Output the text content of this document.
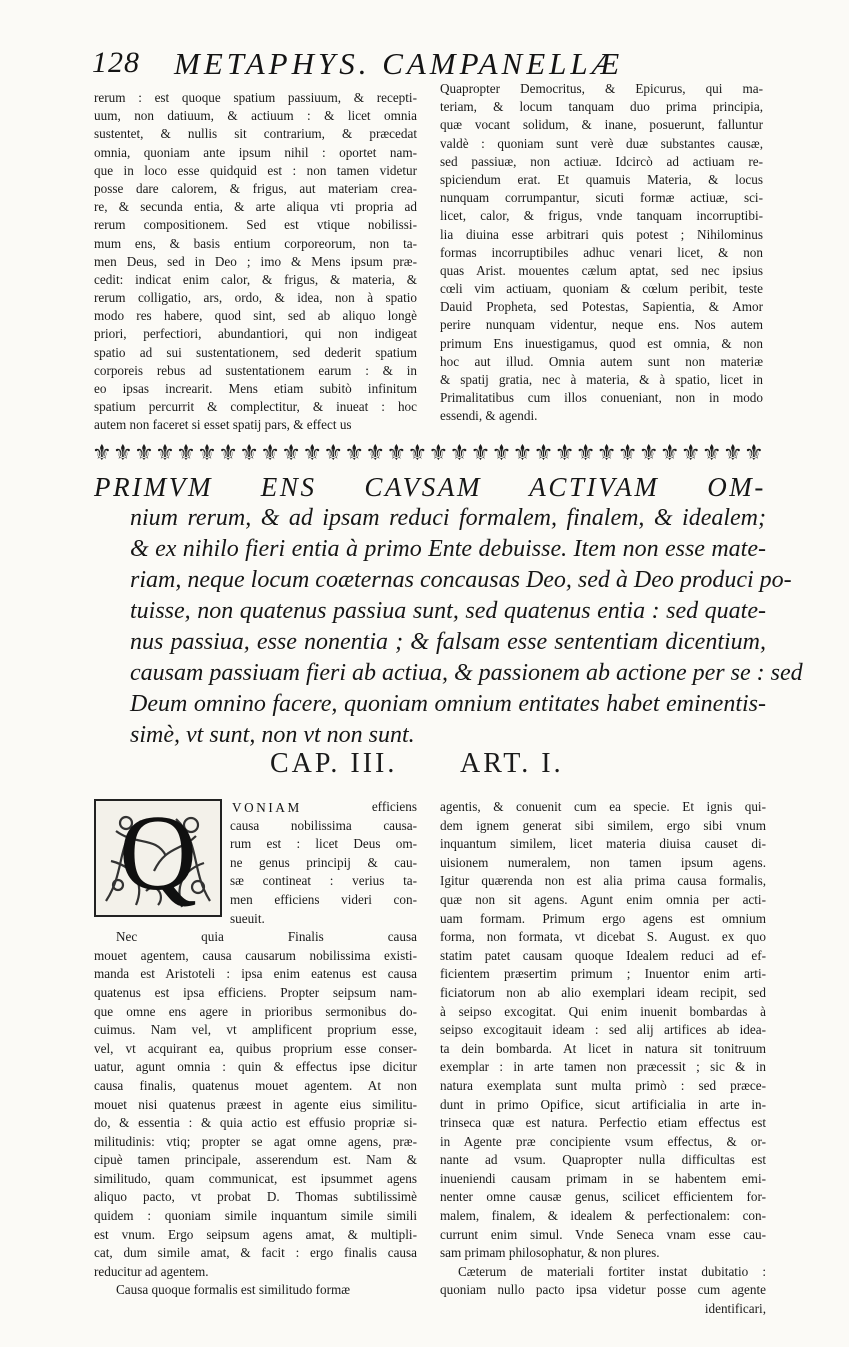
128 METAPHYS. CAMPANELLÆ
rerum : est quoque spatium passiuum, & recepti-
uum, non datiuum, & actiuum : & licet omnia
sustentet, & nullis sit contrarium, & præcedat
omnia, quoniam ante ipsum nihil : oportet nam-
que in loco esse quidquid est : non tamen videtur
posse dare calorem, & frigus, aut materiam crea-
re, & secunda entia, & arte aliqua vti propria ad
rerum compositionem. Sed est vtique nobilissi-
mum ens, & basis entium corporeorum, non ta-
men Deus, sed in Deo ; imo & Mens ipsum præ-
cedit: indicat enim calor, & frigus, & materia, &
rerum colligatio, ars, ordo, & idea, non à spatio
modo res habere, quod sint, sed ab aliquo longè
priori, perfectiori, abundantiori, qui non indigeat
spatio ad sui sustentationem, sed dederit spatium
corporeis rebus ad sustentationem earum : & in
eo ipsas increarit. Mens etiam subitò infinitum
spatium percurrit & complectitur, & inueat : hoc
autem non faceret si esset spatij pars, & effect us
Quapropter Democritus, & Epicurus, qui ma-
teriam, & locum tanquam duo prima principia,
quæ vocant solidum, & inane, posuerunt, falluntur
valdè : quoniam sunt verè duæ substantes causæ,
sed passiuæ, non actiuæ. Idcircò ad actiuam re-
spiciendum erat. Et quamuis Materia, & locus
nunquam corrumpantur, sicuti formæ actiuæ, sci-
licet, calor, & frigus, vnde tanquam incorruptibi-
lia diuina esse arbitrari quis potest ; Nihilominus
formas incorruptibiles adhuc venari licet, & non
quas Arist. mouentes cælum aptat, sed nec ipsius
cœli vim actiuam, quoniam & cœlum peribit, teste
Dauid Propheta, sed Potestas, Sapientia, & Amor
perire nunquam videntur, neque ens. Nos autem
primum Ens inuestigamus, quod est omnia, & non
hoc aut illud. Omnia autem sunt non materiæ
& spatij gratia, nec à materia, & à spatio, licet in
Primalitatibus cum illos conueniant, non in modo
essendi, & agendi.
⚜ ⚜ ⚜ ⚜ ⚜ ⚜ ⚜ ⚜ ⚜ ⚜ ⚜ ⚜ ⚜ ⚜ ⚜ ⚜ ⚜ ⚜ ⚜ ⚜ ⚜ ⚜ ⚜ ⚜ ⚜ ⚜ ⚜ ⚜ ⚜ ⚜ ⚜ ⚜
PRIMVM ENS CAVSAM ACTIVAM OM-
nium rerum, & ad ipsam reduci formalem, finalem, & idealem;
& ex nihilo fieri entia à primo Ente debuisse. Item non esse mate-
riam, neque locum coæternas concausas Deo, sed à Deo produci po-
tuisse, non quatenus passiua sunt, sed quatenus entia : sed quate-
nus passiua, esse nonentia ; & falsam esse sententiam dicentium,
causam passiuam fieri ab actiua, & passionem ab actione per se : sed
Deum omnino facere, quoniam omnium entitates habet eminentis-
simè, vt sunt, non vt non sunt.
CAP. III. ART. I.
Q	VONIAM	efficiens
causa nobilissima causa-
rum est : licet Deus om-
ne genus principij & cau-
sæ contineat : verius ta-
men efficiens videri con-
sueuit.
Nec quia Finalis causa
mouet agentem, causa causarum nobilissima existi-
manda est Aristoteli : ipsa enim eatenus est causa
quatenus est ipsa efficiens. Propter seipsum nam-
que omne ens agere in prioribus sermonibus do-
cuimus. Nam vel, vt amplificent proprium esse,
vel, vt acquirant ea, quibus proprium esse conser-
uatur, agunt omnia : quin & effectus ipse dicitur
causa finalis, quatenus mouet agentem. At non
mouet nisi quatenus præest in agente eius similitu-
do, & essentia : & quia actio est effusio propriæ si-
militudinis: vtiq; propter se agat omne agens, præ-
cipuè tamen principale, asserendum est. Nam &
similitudo, quam communicat, est ipsummet agens
aliquo pacto, vt probat D. Thomas subtilissimè
quidem : quoniam simile inquantum simile simili
est vnum. Ergo seipsum agens amat, & multipli-
cat, dum simile amat, & facit : ergo finalis causa
reducitur ad agentem.
Causa quoque formalis est similitudo formæ
agentis, & conuenit cum ea specie. Et ignis qui-
dem ignem generat sibi similem, ergo sibi vnum
inquantum similem, licet materia diuisa causet di-
uisionem numeralem, non tamen ipsum agens.
Igitur quærenda non est alia prima causa formalis,
quæ non sit agens. Agunt enim omnia per acti-
uam formam. Primum ergo agens est omnium
forma, non formata, vt dicebat S. August. ex quo
statim patet causam quoque Idealem reduci ad ef-
ficientem præsertim primum ; Inuentor enim arti-
ficiatorum non ab alio exemplari ideam recipit, sed
à seipso excogitat. Qui enim inuenit bombardas à
seipso excogitauit ideam : sed alij artifices ab idea-
ta dein bombarda. At licet in natura sit tonitruum
exemplar : in arte tamen non præcessit ; sic & in
natura exemplata sunt multa primò : sed præce-
dunt in primo Opifice, sicut artificialia in arte in-
trinseca quæ est natura. Perfectio etiam effectus est
in Agente præ concipiente vsum effectus, & or-
nante ad vsum. Quapropter nulla difficultas est
inueniendi causam primam in se habentem emi-
nenter omne causæ genus, scilicet efficientem for-
malem, finalem, & idealem & perfectionalem: con-
currunt enim simul. Vnde Seneca vnam esse cau-
sam primam philosophatur, & non plures.
Cæterum de materiali fortiter instat dubitatio :
quoniam nullo pacto ipsa videtur posse cum agente
identificari,
